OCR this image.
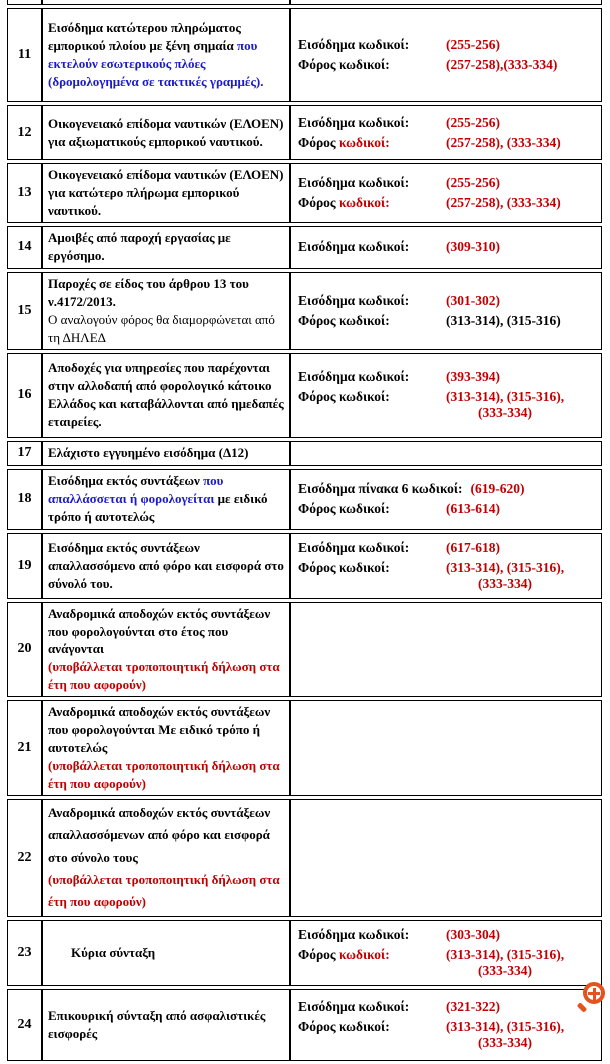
11	Εισόδημα κατώτερου πληρώματος εμπορικού πλοίου με ξένη σημαία που εκτελούν εσωτερικούς πλόες (δρομολογημένα σε τακτικές γραμμές).	Εισόδημα κωδικοί: (255-256)
Φόρος κωδικοί: (257-258),(333-334)

12	Οικογενειακό επίδομα ναυτικών (ΕΛΟΕΝ) για αξιωματικούς εμπορικού ναυτικού.	Εισόδημα κωδικοί: (255-256)
Φόρος κωδικοί: (257-258), (333-334)

13	Οικογενειακό επίδομα ναυτικών (ΕΛΟΕΝ) για κατώτερο πλήρωμα εμπορικού ναυτικού.	Εισόδημα κωδικοί: (255-256)
Φόρος κωδικοί: (257-258), (333-334)

14	Αμοιβές από παροχή εργασίας με εργόσημο.	Εισόδημα κωδικοί: (309-310)

15	Παροχές σε είδος του άρθρου 13 του ν.4172/2013.
Ο αναλογούν φόρος θα διαμορφώνεται από τη ΔΗΛΕΔ	
Εισόδημα κωδικοί:	(301-302)
Φόρος κωδικοί:	(313-314), (315-316)

16	Αποδοχές για υπηρεσίες που παρέχονται στην αλλοδαπή από φορολογικό κάτοικο Ελλάδος και καταβάλλονται από ημεδαπές εταιρείες.	Εισόδημα κωδικοί: (393-394)
Φόρος κωδικοί: (313-314), (315-316),
(333-334)

17	Ελάχιστο εγγυημένο εισόδημα (Δ12)	
18	Εισόδημα εκτός συντάξεων που απαλλάσσεται ή φορολογείται με ειδικό τρόπο ή αυτοτελώς	Εισόδημα πίνακα 6 κωδικοί: (619-620)
Φόρος κωδικοί: (613-614)

19	Εισόδημα εκτός συντάξεων απαλλασσόμενο από φόρο και εισφορά στο σύνολό του.	Εισόδημα κωδικοί: (617-618)
Φόρος κωδικοί: (313-314), (315-316),
(333-334)

20	Αναδρομικά αποδοχών εκτός συντάξεων που φορολογούνται στο έτος που ανάγονται
(υποβάλλεται τροποποιητική δήλωση στα έτη που αφορούν)	
21	Αναδρομικά αποδοχών εκτός συντάξεων που φορολογούνται Με ειδικό τρόπο ή αυτοτελώς
(υποβάλλεται τροποποιητική δήλωση στα έτη που αφορούν)	
22	Αναδρομικά αποδοχών εκτός συντάξεων απαλλασσόμενων από φόρο και εισφορά στο σύνολο τους
(υποβάλλεται τροποποιητική δήλωση στα έτη που αφορούν)	
23	Κύρια σύνταξη	Εισόδημα κωδικοί: (303-304)
Φόρος κωδικοί: (313-314), (315-316),
(333-334)

24	Επικουρική σύνταξη από ασφαλιστικές εισφορές	Εισόδημα κωδικοί: (321-322)
Φόρος κωδικοί: (313-314), (315-316),
(333-334)
